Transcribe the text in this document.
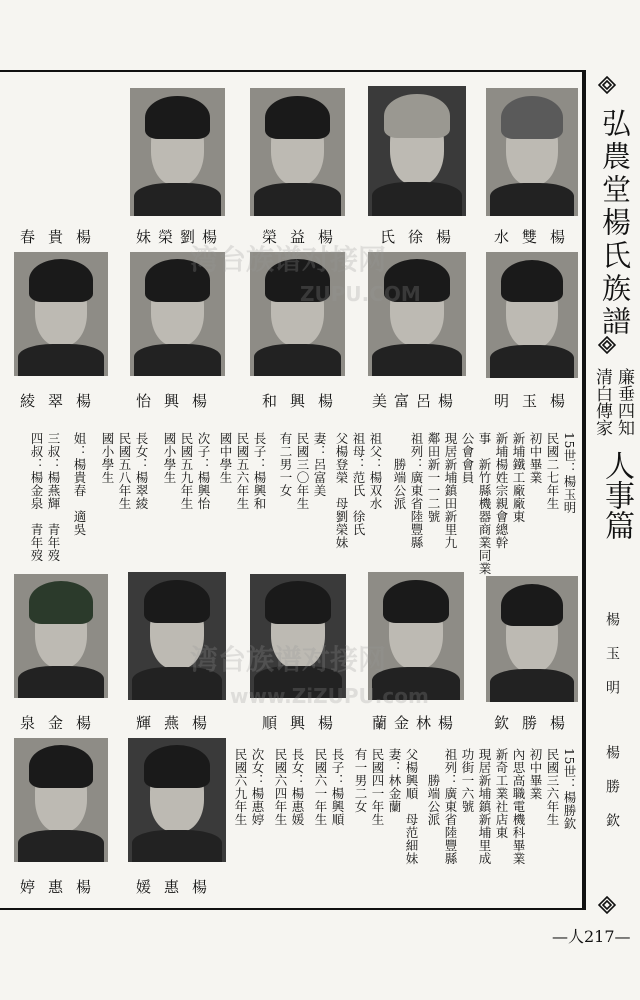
弘農堂楊氏族譜
廉垂四知
清白傳家
人事篇
楊玉明
楊勝欽
春貴楊 妹榮劉楊	榮益楊 氏徐楊 水雙楊
綾翠楊 怡興楊	和興楊 美富呂楊 明玉楊
15世：楊玉明
民國二七年生
初中畢業
新埔鐵工廠廠東
新埔楊姓宗親會總幹
事　新竹縣機器商業同業
公會會員
現居新埔鎮田新里九
鄰田新一一二號
祖列：廣東省陸豐縣
　　勝端公派
祖父：楊双水
祖母：范氏　徐氏
父楊登榮　母劉榮妹
妻：呂富美
民國三〇年生
有二男一女
長子：楊興和
民國五六年生
國中學生
次子：楊興怡
民國五九年生
國小學生
長女：楊翠綾
民國五八年生
國小學生
姐：楊貴春　適吳
三叔：楊燕輝　青年歿
四叔：楊金泉　青年歿
泉金楊 輝燕楊	順興楊 蘭金林楊 欽勝楊
婷惠楊 媛惠楊
15世：楊勝欽
民國三六年生
初中畢業
內思高職電機科畢業
新奇工業社店東
現居新埔鎮新埔里成
功街一六號
祖列：廣東省陸豐縣
　　勝端公派
父楊興順　母范細妹
妻：林金蘭
民國四一年生
有一男二女
長子：楊興順
民國六一年生
長女：楊惠媛
民國六四年生
次女：楊惠婷
民國六九年生
湾台族谱对接网
ZUPU.COM
湾台族谱对接网
www.ZiZUPU.com
—人217—
